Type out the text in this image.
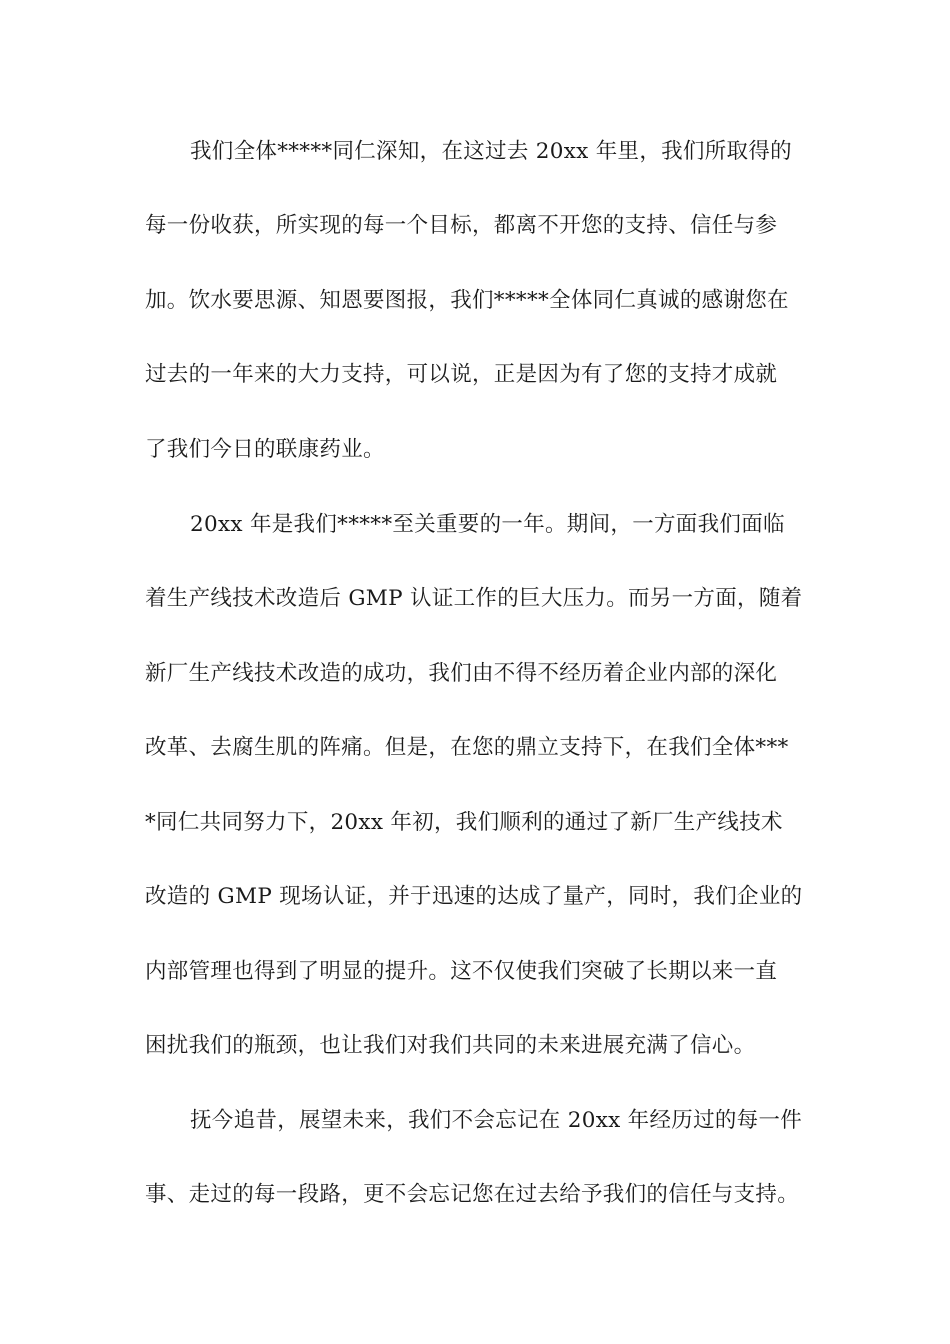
我们全体*****同仁深知，在这过去 20xx 年里，我们所取得的
每一份收获，所实现的每一个目标，都离不开您的支持、信任与参
加。饮水要思源、知恩要图报，我们*****全体同仁真诚的感谢您在
过去的一年来的大力支持，可以说，正是因为有了您的支持才成就
了我们今日的联康药业。
20xx 年是我们*****至关重要的一年。期间，一方面我们面临
着生产线技术改造后 GMP 认证工作的巨大压力。而另一方面，随着
新厂生产线技术改造的成功，我们由不得不经历着企业内部的深化
改革、去腐生肌的阵痛。但是，在您的鼎立支持下，在我们全体***
*同仁共同努力下，20xx 年初，我们顺利的通过了新厂生产线技术
改造的 GMP 现场认证，并于迅速的达成了量产，同时，我们企业的
内部管理也得到了明显的提升。这不仅使我们突破了长期以来一直
困扰我们的瓶颈，也让我们对我们共同的未来进展充满了信心。
抚今追昔，展望未来，我们不会忘记在 20xx 年经历过的每一件
事、走过的每一段路，更不会忘记您在过去给予我们的信任与支持。
